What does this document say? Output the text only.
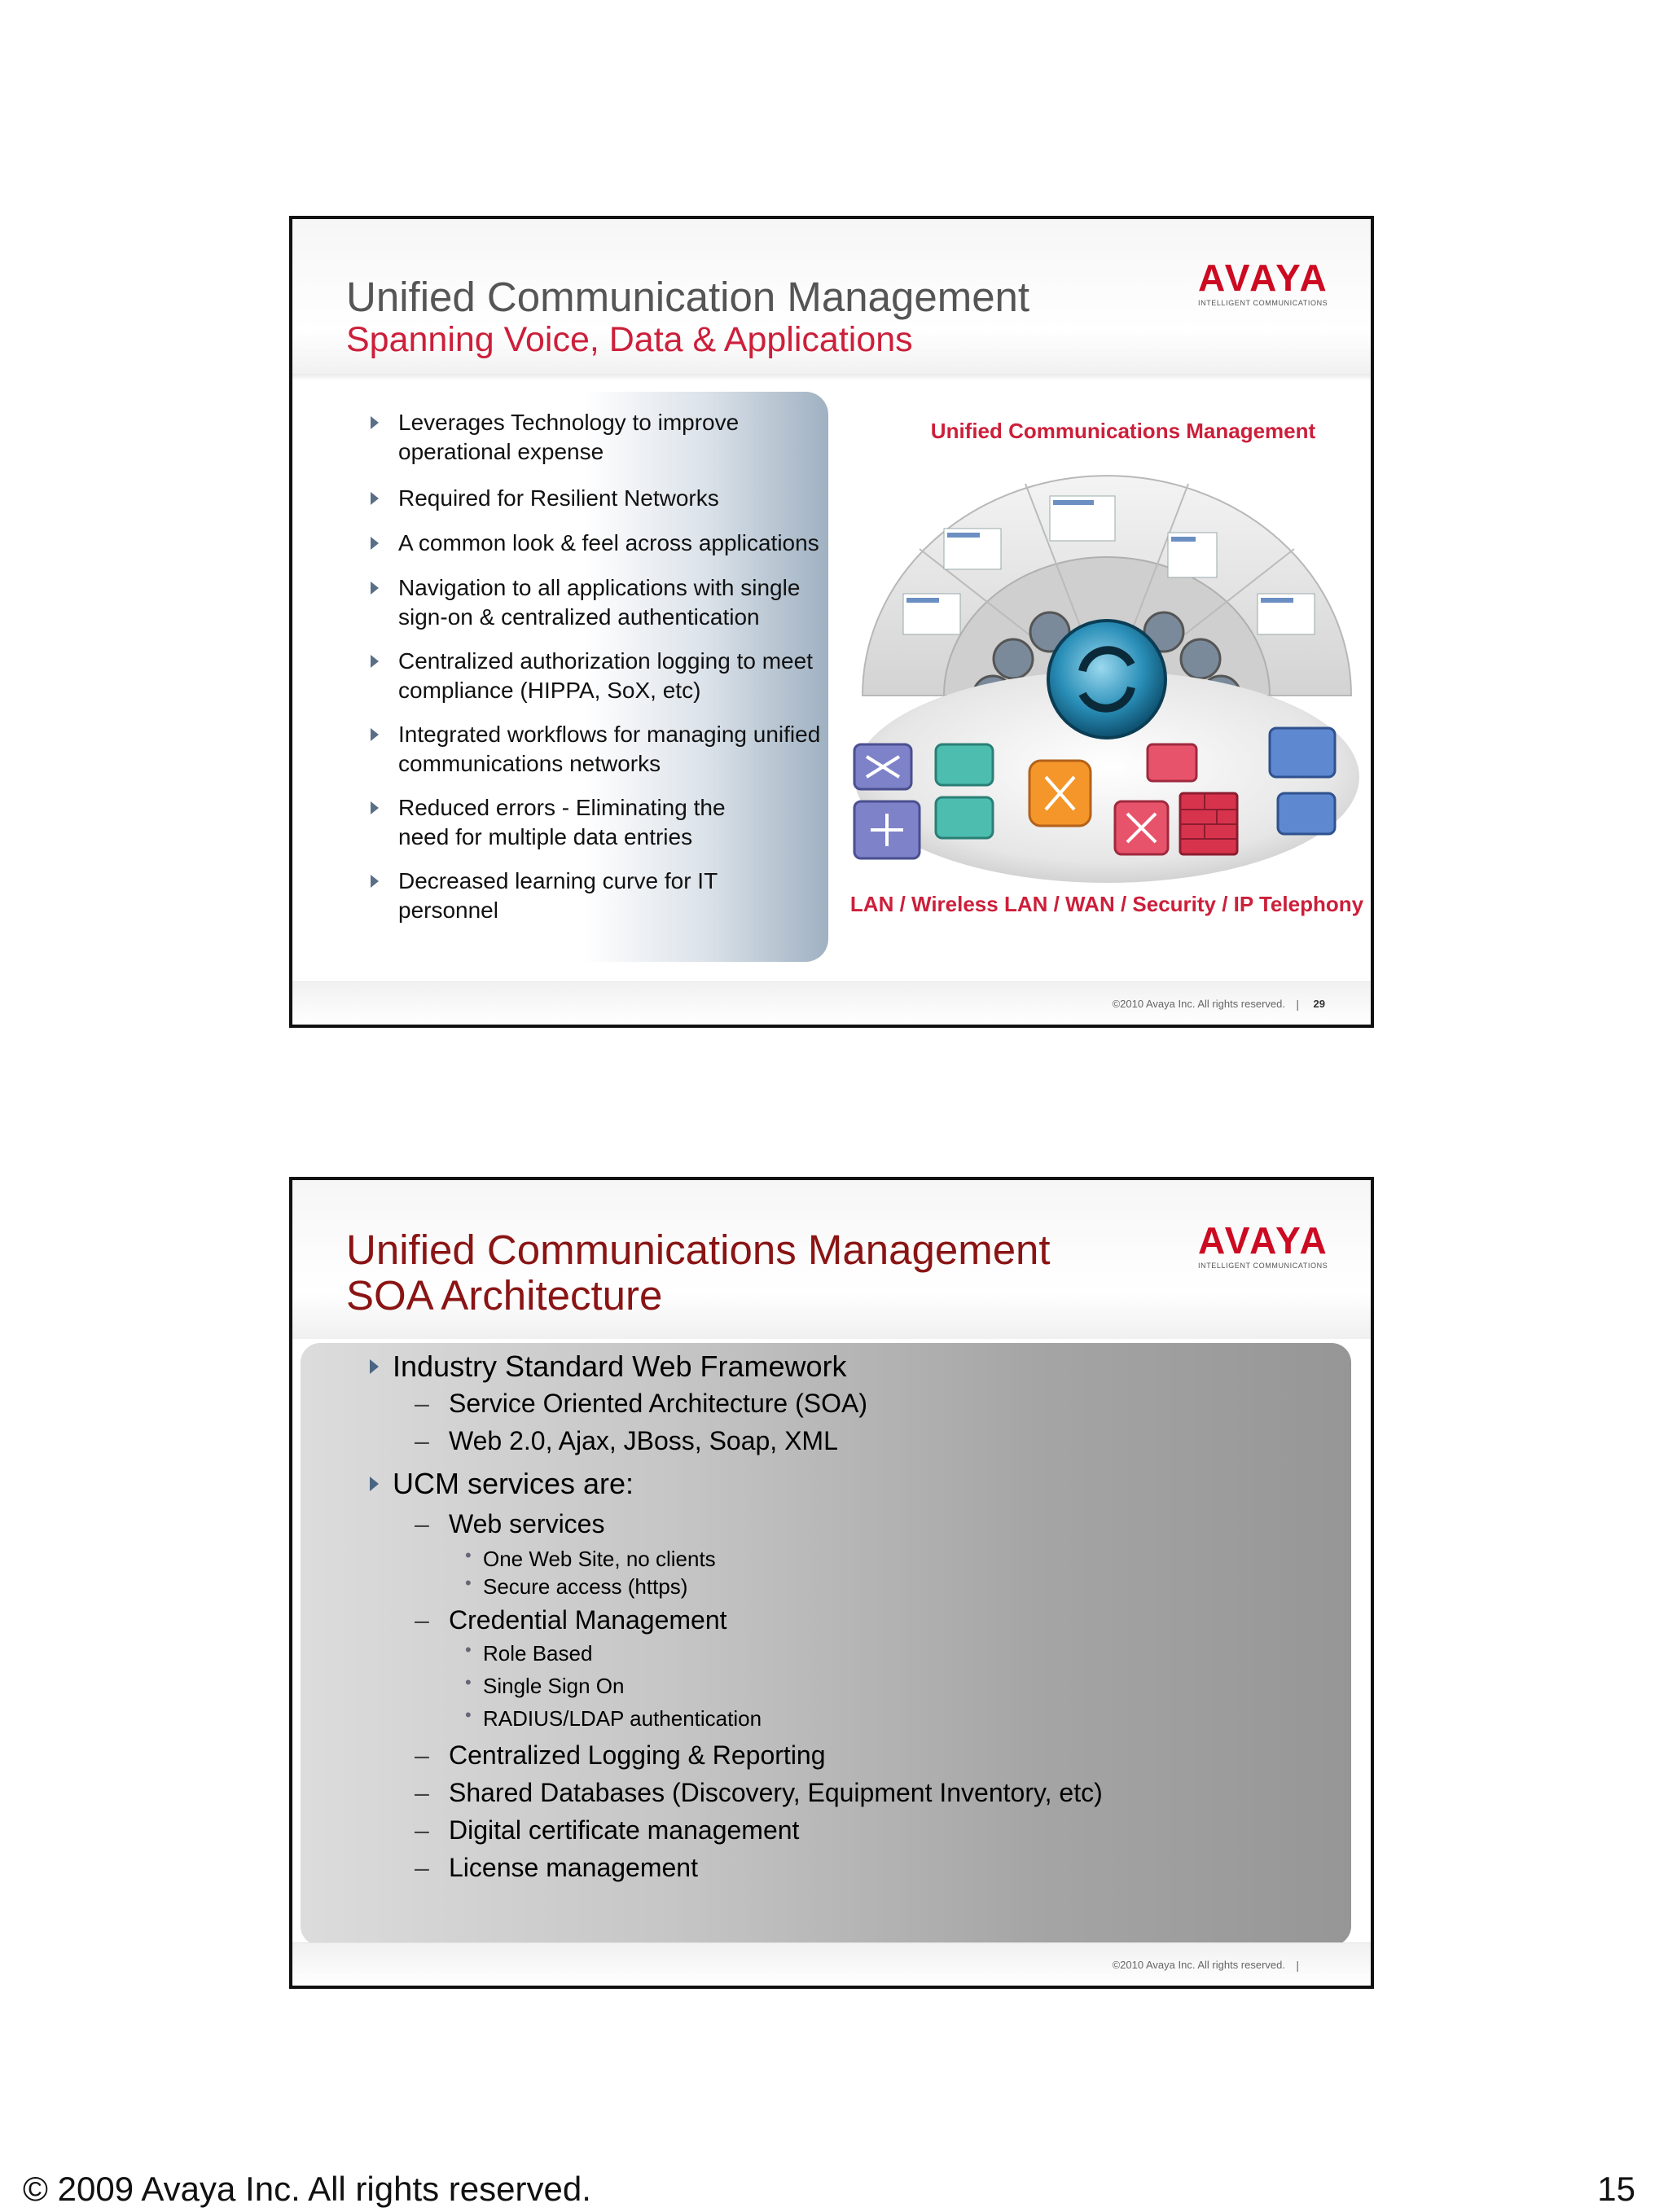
Unified Communication Management
Spanning Voice, Data & Applications
AVAYA
INTELLIGENT COMMUNICATIONS
Leverages Technology to improve
operational expense
Required for Resilient Networks
A common look & feel across applications
Navigation to all applications with single
sign-on & centralized authentication
Centralized authorization logging to meet
compliance (HIPPA, SoX, etc)
Integrated workflows for managing unified
communications networks
Reduced errors - Eliminating the
need for multiple data entries
Decreased learning curve for IT
personnel
Unified Communications Management
LAN / Wireless LAN / WAN / Security / IP Telephony
©2010 Avaya Inc. All rights reserved. | 29
Unified Communications Management
SOA Architecture
AVAYA
INTELLIGENT COMMUNICATIONS
Industry Standard Web Framework
– Service Oriented Architecture (SOA)
– Web 2.0, Ajax, JBoss, Soap, XML
UCM services are:
– Web services
• One Web Site, no clients
• Secure access (https)
– Credential Management
• Role Based
• Single Sign On
• RADIUS/LDAP authentication
– Centralized Logging & Reporting
– Shared Databases (Discovery, Equipment Inventory, etc)
– Digital certificate management
– License management
©2010 Avaya Inc. All rights reserved. |
© 2009 Avaya Inc. All rights reserved.	15
